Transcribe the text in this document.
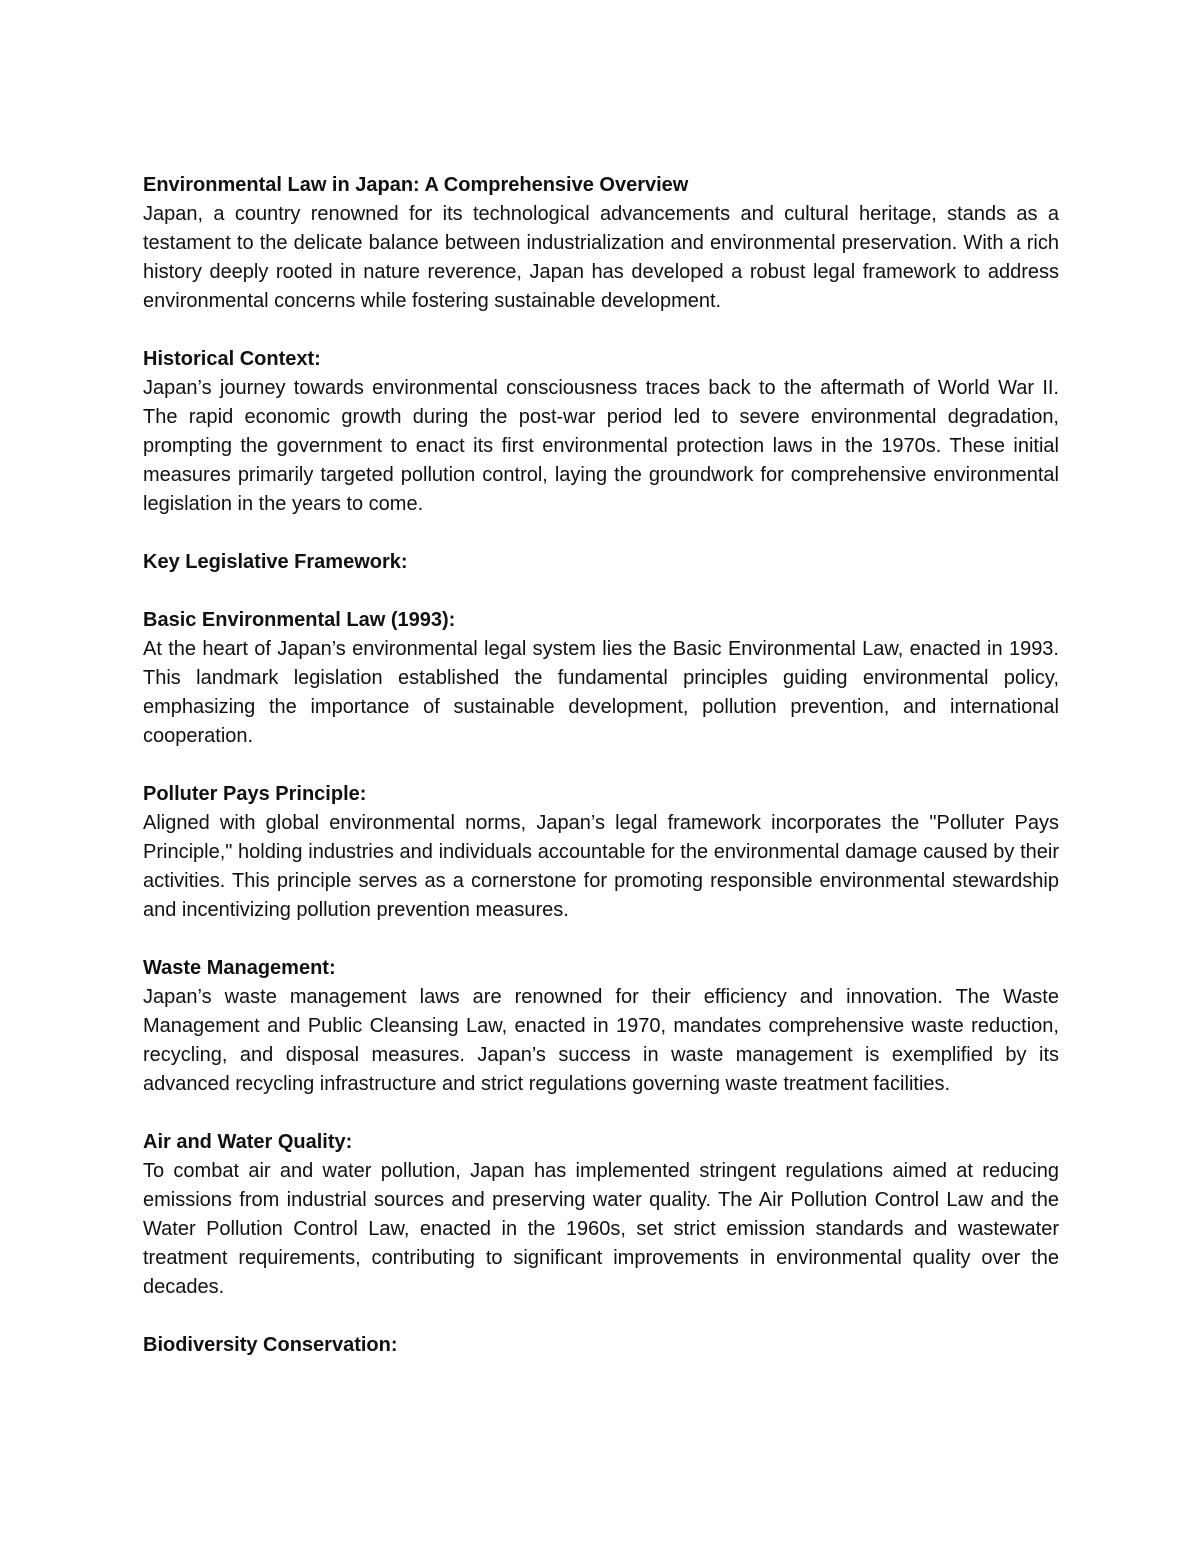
Environmental Law in Japan: A Comprehensive Overview

Japan, a country renowned for its technological advancements and cultural heritage, stands as a testament to the delicate balance between industrialization and environmental preservation. With a rich history deeply rooted in nature reverence, Japan has developed a robust legal framework to address environmental concerns while fostering sustainable development.

Historical Context:

Japan’s journey towards environmental consciousness traces back to the aftermath of World War II. The rapid economic growth during the post-war period led to severe environmental degradation, prompting the government to enact its first environmental protection laws in the 1970s. These initial measures primarily targeted pollution control, laying the groundwork for comprehensive environmental legislation in the years to come.

Key Legislative Framework:

Basic Environmental Law (1993):

At the heart of Japan’s environmental legal system lies the Basic Environmental Law, enacted in 1993. This landmark legislation established the fundamental principles guiding environmental policy, emphasizing the importance of sustainable development, pollution prevention, and international cooperation.

Polluter Pays Principle:

Aligned with global environmental norms, Japan’s legal framework incorporates the "Polluter Pays Principle," holding industries and individuals accountable for the environmental damage caused by their activities. This principle serves as a cornerstone for promoting responsible environmental stewardship and incentivizing pollution prevention measures.

Waste Management:

Japan’s waste management laws are renowned for their efficiency and innovation. The Waste Management and Public Cleansing Law, enacted in 1970, mandates comprehensive waste reduction, recycling, and disposal measures. Japan’s success in waste management is exemplified by its advanced recycling infrastructure and strict regulations governing waste treatment facilities.

Air and Water Quality:

To combat air and water pollution, Japan has implemented stringent regulations aimed at reducing emissions from industrial sources and preserving water quality. The Air Pollution Control Law and the Water Pollution Control Law, enacted in the 1960s, set strict emission standards and wastewater treatment requirements, contributing to significant improvements in environmental quality over the decades.

Biodiversity Conservation:
